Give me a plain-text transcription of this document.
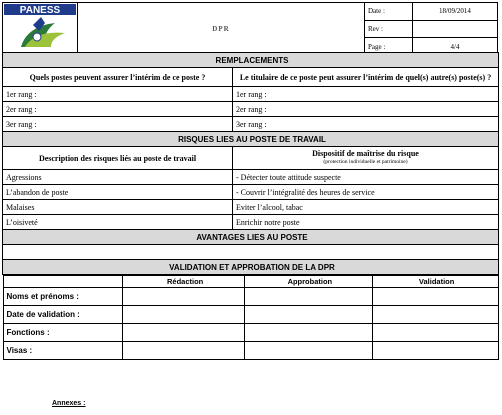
PANESS	DPR	Date :	18/09/2014
		Rev :	
		Page :	4/4
REMPLACEMENTS
Quels postes peuvent assurer l’intérim de ce poste ?	Le titulaire de ce poste peut assurer l’intérim de quel(s) autre(s) poste(s) ?
1er rang :	1er rang :
2er rang :	2er rang :
3er rang :	3er rang :
RISQUES LIES AU POSTE DE TRAVAIL
Description des risques liés au poste de travail	Dispositif de maîtrise du risque
(protection individuelle et patrimoine)

Agressions	- Détecter toute attitude suspecte
L’abandon de poste	- Couvrir l’intégralité des heures de service
Malaises	Eviter l’alcool, tabac
L’oisiveté	Enrichir notre poste
AVANTAGES LIES AU POSTE

VALIDATION ET APPROBATION DE LA DPR

	Rédaction	Approbation	Validation
Noms et prénoms :			
Date de validation :			
Fonctions :			
Visas :			
Annexes :
